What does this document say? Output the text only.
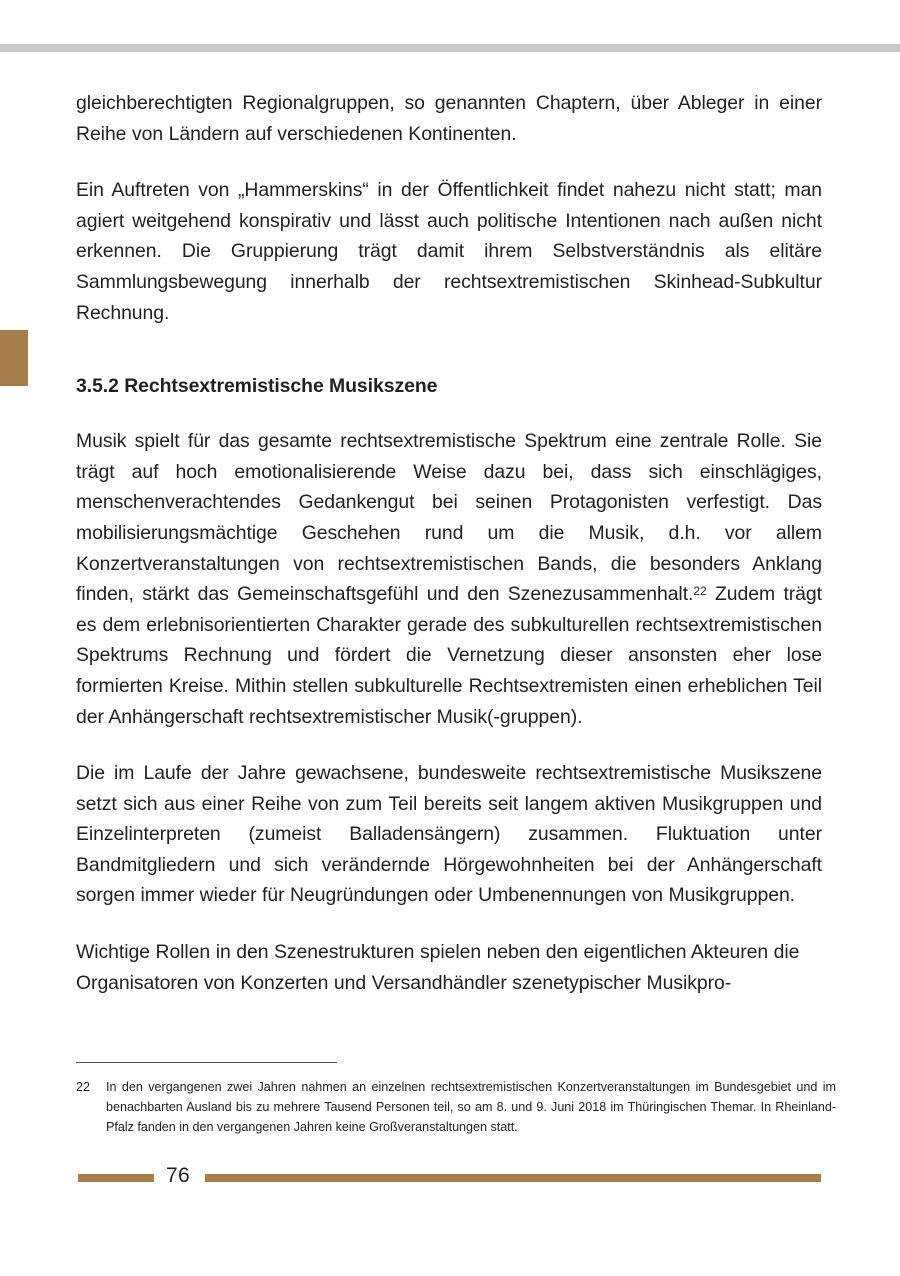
gleichberechtigten Regionalgruppen, so genannten Chaptern, über Ableger in einer Reihe von Ländern auf verschiedenen Kontinenten.

Ein Auftreten von „Hammerskins“ in der Öffentlichkeit findet nahezu nicht statt; man agiert weitgehend konspirativ und lässt auch politische Intentionen nach außen nicht erkennen. Die Gruppierung trägt damit ihrem Selbstverständnis als elitäre Sammlungsbewegung innerhalb der rechtsextremistischen Skinhead-Subkultur Rechnung.

3.5.2 Rechtsextremistische Musikszene

Musik spielt für das gesamte rechtsextremistische Spektrum eine zentrale Rolle. Sie trägt auf hoch emotionalisierende Weise dazu bei, dass sich einschlägiges, menschenverachtendes Gedankengut bei seinen Protagonisten verfestigt. Das mobilisierungsmächtige Geschehen rund um die Musik, d.h. vor allem Konzertveranstaltungen von rechtsextremistischen Bands, die besonders Anklang finden, stärkt das Gemeinschaftsgefühl und den Szenezusammenhalt.$^{22}$ Zudem trägt es dem erlebnisorientierten Charakter gerade des subkulturellen rechtsextremistischen Spektrums Rechnung und fördert die Vernetzung dieser ansonsten eher lose formierten Kreise. Mithin stellen subkulturelle Rechtsextremisten einen erheblichen Teil der Anhängerschaft rechtsextremistischer Musik(-gruppen).

Die im Laufe der Jahre gewachsene, bundesweite rechtsextremistische Musikszene setzt sich aus einer Reihe von zum Teil bereits seit langem aktiven Musikgruppen und Einzelinterpreten (zumeist Balladensängern) zusammen. Fluktuation unter Bandmitgliedern und sich verändernde Hörgewohnheiten bei der Anhängerschaft sorgen immer wieder für Neugründungen oder Umbenennungen von Musikgruppen.

Wichtige Rollen in den Szenestrukturen spielen neben den eigentlichen Akteuren die Organisatoren von Konzerten und Versandhändler szenetypischer Musikpro-

22	In den vergangenen zwei Jahren nahmen an einzelnen rechtsextremistischen Konzertveranstaltungen im Bundesgebiet und im benachbarten Ausland bis zu mehrere Tausend Personen teil, so am 8. und 9. Juni 2018 im Thüringischen Themar. In Rheinland-Pfalz fanden in den vergangenen Jahren keine Großveranstaltungen statt.
76
